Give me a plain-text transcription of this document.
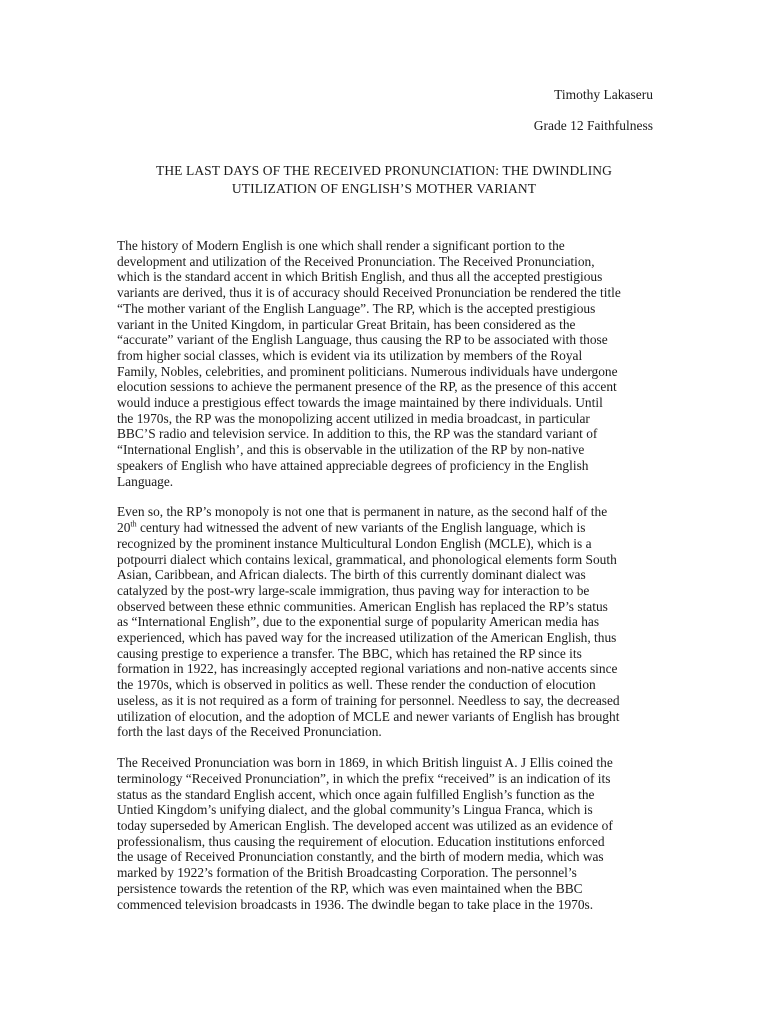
Timothy Lakaseru
Grade 12 Faithfulness
THE LAST DAYS OF THE RECEIVED PRONUNCIATION: THE DWINDLING
UTILIZATION OF ENGLISH’S MOTHER VARIANT
The history of Modern English is one which shall render a significant portion to the
development and utilization of the Received Pronunciation. The Received Pronunciation,
which is the standard accent in which British English, and thus all the accepted prestigious
variants are derived, thus it is of accuracy should Received Pronunciation be rendered the title
“The mother variant of the English Language”. The RP, which is the accepted prestigious
variant in the United Kingdom, in particular Great Britain, has been considered as the
“accurate” variant of the English Language, thus causing the RP to be associated with those
from higher social classes, which is evident via its utilization by members of the Royal
Family, Nobles, celebrities, and prominent politicians. Numerous individuals have undergone
elocution sessions to achieve the permanent presence of the RP, as the presence of this accent
would induce a prestigious effect towards the image maintained by there individuals. Until
the 1970s, the RP was the monopolizing accent utilized in media broadcast, in particular
BBC’S radio and television service. In addition to this, the RP was the standard variant of
“International English’, and this is observable in the utilization of the RP by non-native
speakers of English who have attained appreciable degrees of proficiency in the English
Language.
Even so, the RP’s monopoly is not one that is permanent in nature, as the second half of the
20th century had witnessed the advent of new variants of the English language, which is
recognized by the prominent instance Multicultural London English (MCLE), which is a
potpourri dialect which contains lexical, grammatical, and phonological elements form South
Asian, Caribbean, and African dialects. The birth of this currently dominant dialect was
catalyzed by the post-wry large-scale immigration, thus paving way for interaction to be
observed between these ethnic communities. American English has replaced the RP’s status
as “International English”, due to the exponential surge of popularity American media has
experienced, which has paved way for the increased utilization of the American English, thus
causing prestige to experience a transfer. The BBC, which has retained the RP since its
formation in 1922, has increasingly accepted regional variations and non-native accents since
the 1970s, which is observed in politics as well. These render the conduction of elocution
useless, as it is not required as a form of training for personnel. Needless to say, the decreased
utilization of elocution, and the adoption of MCLE and newer variants of English has brought
forth the last days of the Received Pronunciation.
The Received Pronunciation was born in 1869, in which British linguist A. J Ellis coined the
terminology “Received Pronunciation”, in which the prefix “received” is an indication of its
status as the standard English accent, which once again fulfilled English’s function as the
Untied Kingdom’s unifying dialect, and the global community’s Lingua Franca, which is
today superseded by American English. The developed accent was utilized as an evidence of
professionalism, thus causing the requirement of elocution. Education institutions enforced
the usage of Received Pronunciation constantly, and the birth of modern media, which was
marked by 1922’s formation of the British Broadcasting Corporation. The personnel’s
persistence towards the retention of the RP, which was even maintained when the BBC
commenced television broadcasts in 1936. The dwindle began to take place in the 1970s.
